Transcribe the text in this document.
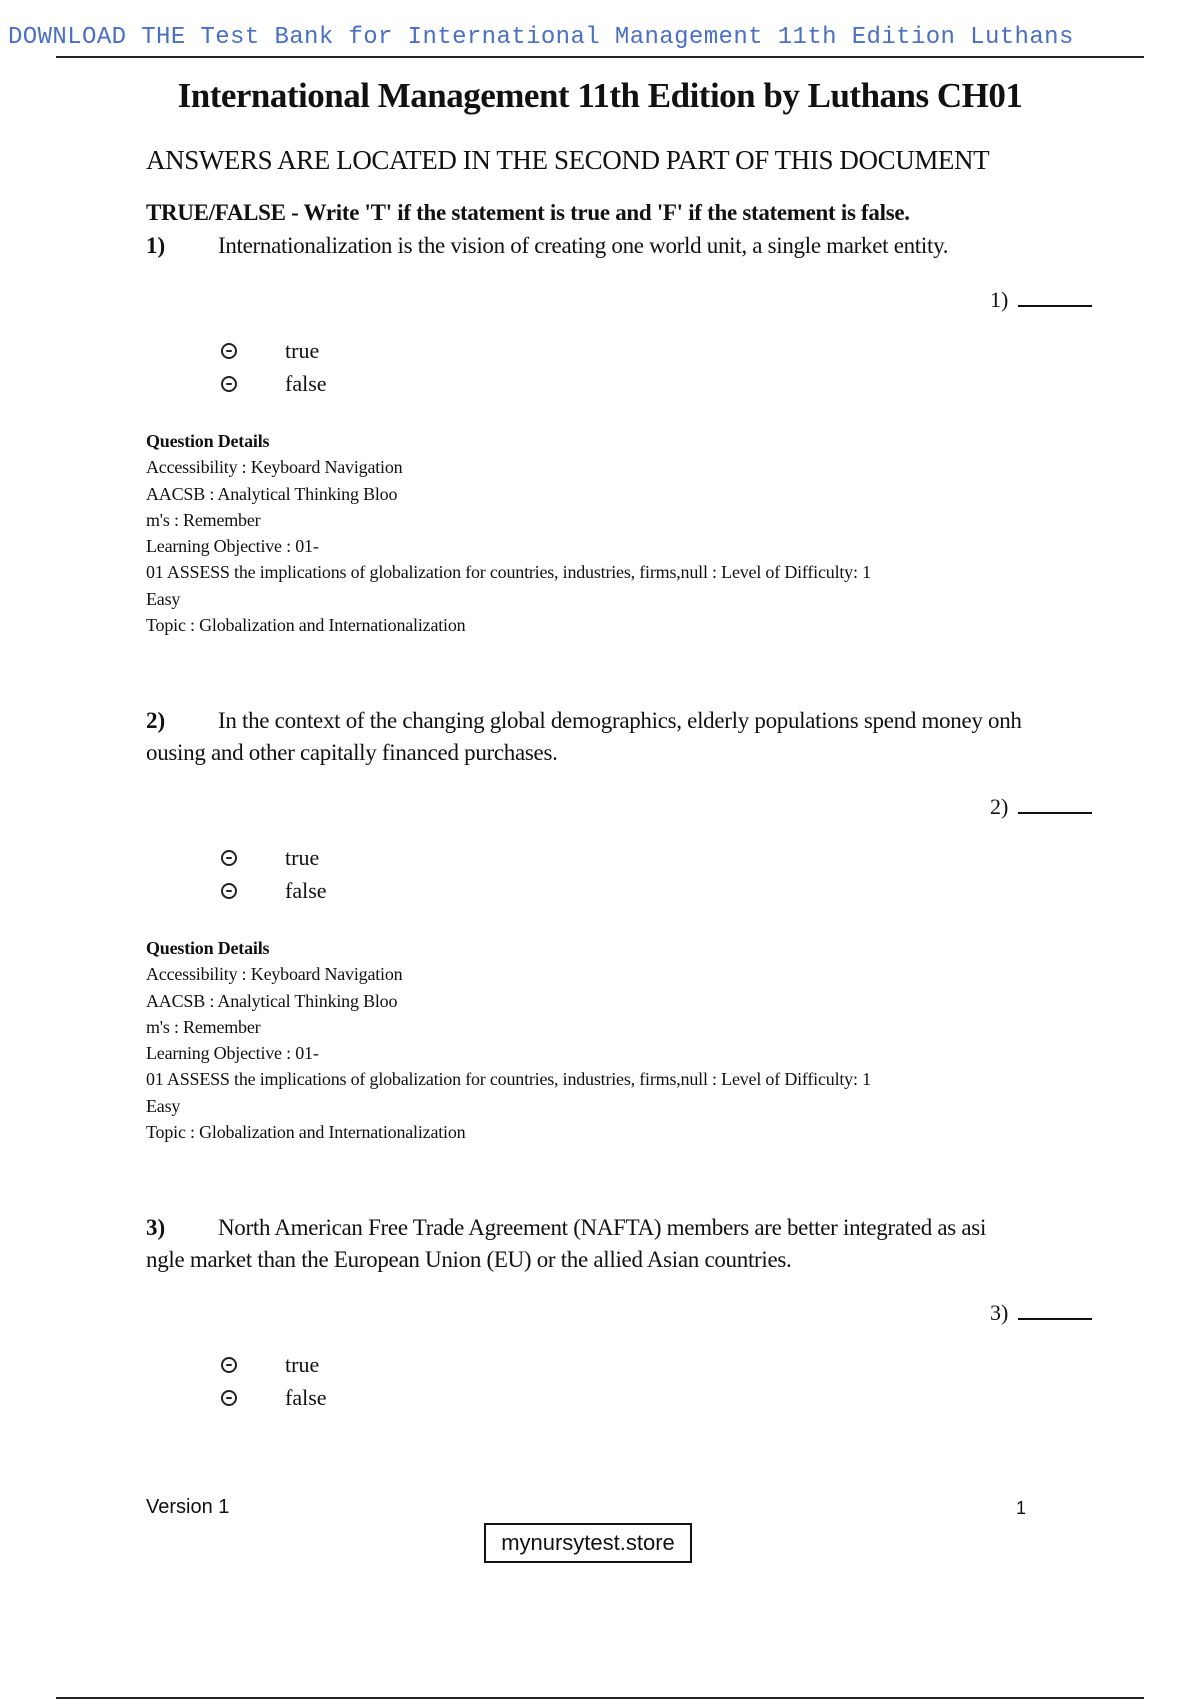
DOWNLOAD THE Test Bank for International Management 11th Edition Luthans
International Management 11th Edition by Luthans CH01
ANSWERS ARE LOCATED IN THE SECOND PART OF THIS DOCUMENT
TRUE/FALSE - Write 'T' if the statement is true and 'F' if the statement is false.
1) Internationalization is the vision of creating one world unit, a single market entity.
1)
true
false
Question Details
Accessibility : Keyboard Navigation
AACSB : Analytical Thinking Bloo
m's : Remember
Learning Objective : 01-
01 ASSESS the implications of globalization for countries, industries, firms,null : Level of Difficulty: 1
Easy
Topic : Globalization and Internationalization
2) In the context of the changing global demographics, elderly populations spend money onh
ousing and other capitally financed purchases.
2)
true
false
Question Details
Accessibility : Keyboard Navigation
AACSB : Analytical Thinking Bloo
m's : Remember
Learning Objective : 01-
01 ASSESS the implications of globalization for countries, industries, firms,null : Level of Difficulty: 1
Easy
Topic : Globalization and Internationalization
3) North American Free Trade Agreement (NAFTA) members are better integrated as asi
ngle market than the European Union (EU) or the allied Asian countries.
3)
true
false
Version 1	1
mynursytest.store
